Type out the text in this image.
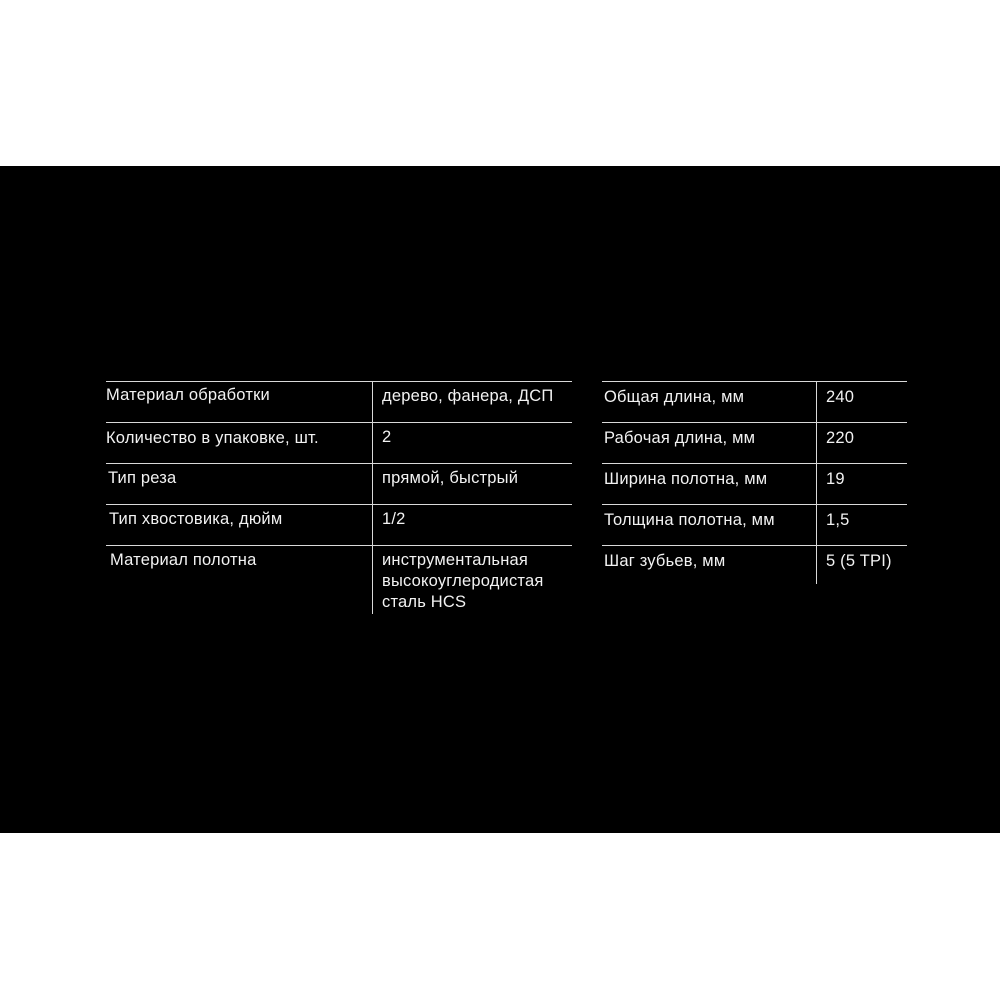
Материал обработки	дерево, фанера, ДСП
Количество в упаковке, шт.	2
Тип реза	прямой, быстрый
Тип хвостовика, дюйм	1/2
Материал полотна	инструментальная
высокоуглеродистая
сталь HCS
Общая длина, мм	240
Рабочая длина, мм	220
Ширина полотна, мм	19
Толщина полотна, мм	1,5
Шаг зубьев, мм	5 (5 TPI)
